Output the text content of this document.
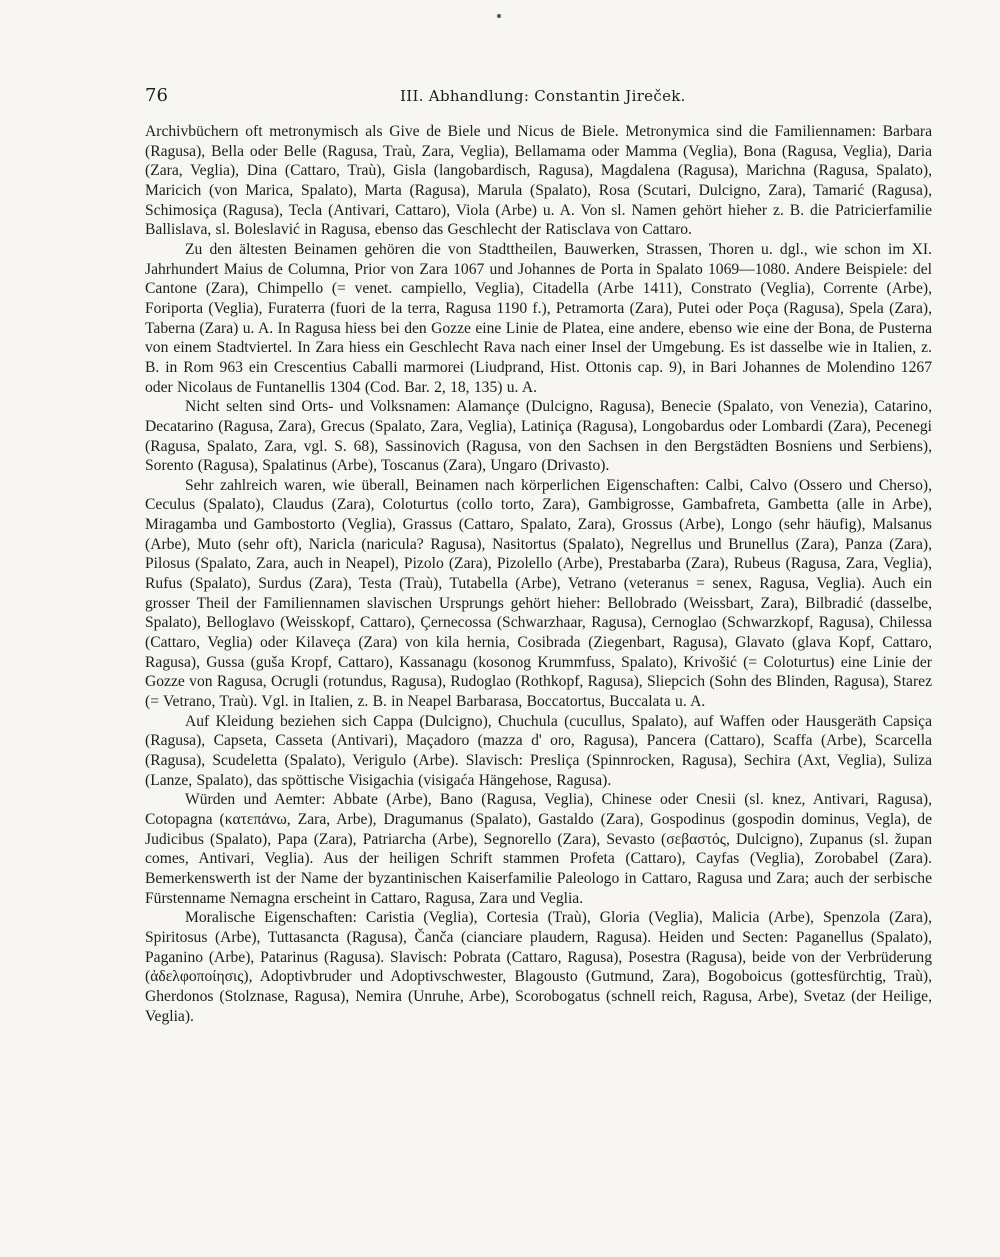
76	III. Abhandlung: Constantin Jireček.

Archivbüchern oft metronymisch als Give de Biele und Nicus de Biele. Metronymica sind die Familiennamen: Barbara (Ragusa), Bella oder Belle (Ragusa, Traù, Zara, Veglia), Bellamama oder Mamma (Veglia), Bona (Ragusa, Veglia), Daria (Zara, Veglia), Dina (Cattaro, Traù), Gisla (langobardisch, Ragusa), Magdalena (Ragusa), Marichna (Ragusa, Spalato), Maricich (von Marica, Spalato), Marta (Ragusa), Marula (Spalato), Rosa (Scutari, Dulcigno, Zara), Tamarić (Ragusa), Schimosiça (Ragusa), Tecla (Antivari, Cattaro), Viola (Arbe) u. A. Von sl. Namen gehört hieher z. B. die Patricierfamilie Ballislava, sl. Boleslavić in Ragusa, ebenso das Geschlecht der Ratisclava von Cattaro.

Zu den ältesten Beinamen gehören die von Stadttheilen, Bauwerken, Strassen, Thoren u. dgl., wie schon im XI. Jahrhundert Maius de Columna, Prior von Zara 1067 und Johannes de Porta in Spalato 1069—1080. Andere Beispiele: del Cantone (Zara), Chimpello (= venet. campiello, Veglia), Citadella (Arbe 1411), Constrato (Veglia), Corrente (Arbe), Foriporta (Veglia), Furaterra (fuori de la terra, Ragusa 1190 f.), Petramorta (Zara), Putei oder Poça (Ragusa), Spela (Zara), Taberna (Zara) u. A. In Ragusa hiess bei den Gozze eine Linie de Platea, eine andere, ebenso wie eine der Bona, de Pusterna von einem Stadtviertel. In Zara hiess ein Geschlecht Rava nach einer Insel der Umgebung. Es ist dasselbe wie in Italien, z. B. in Rom 963 ein Crescentius Caballi marmorei (Liudprand, Hist. Ottonis cap. 9), in Bari Johannes de Molendino 1267 oder Nicolaus de Funtanellis 1304 (Cod. Bar. 2, 18, 135) u. A.

Nicht selten sind Orts- und Volksnamen: Alamançe (Dulcigno, Ragusa), Benecie (Spalato, von Venezia), Catarino, Decatarino (Ragusa, Zara), Grecus (Spalato, Zara, Veglia), Latiniça (Ragusa), Longobardus oder Lombardi (Zara), Pecenegi (Ragusa, Spalato, Zara, vgl. S. 68), Sassinovich (Ragusa, von den Sachsen in den Bergstädten Bosniens und Serbiens), Sorento (Ragusa), Spalatinus (Arbe), Toscanus (Zara), Ungaro (Drivasto).

Sehr zahlreich waren, wie überall, Beinamen nach körperlichen Eigenschaften: Calbi, Calvo (Ossero und Cherso), Ceculus (Spalato), Claudus (Zara), Coloturtus (collo torto, Zara), Gambigrosse, Gambafreta, Gambetta (alle in Arbe), Miragamba und Gambostorto (Veglia), Grassus (Cattaro, Spalato, Zara), Grossus (Arbe), Longo (sehr häufig), Malsanus (Arbe), Muto (sehr oft), Naricla (naricula? Ragusa), Nasitortus (Spalato), Negrellus und Brunellus (Zara), Panza (Zara), Pilosus (Spalato, Zara, auch in Neapel), Pizolo (Zara), Pizolello (Arbe), Prestabarba (Zara), Rubeus (Ragusa, Zara, Veglia), Rufus (Spalato), Surdus (Zara), Testa (Traù), Tutabella (Arbe), Vetrano (veteranus = senex, Ragusa, Veglia). Auch ein grosser Theil der Familiennamen slavischen Ursprungs gehört hieher: Bellobrado (Weissbart, Zara), Bilbradić (dasselbe, Spalato), Belloglavo (Weisskopf, Cattaro), Çernecossa (Schwarzhaar, Ragusa), Cernoglao (Schwarzkopf, Ragusa), Chilessa (Cattaro, Veglia) oder Kilaveça (Zara) von kila hernia, Cosibrada (Ziegenbart, Ragusa), Glavato (glava Kopf, Cattaro, Ragusa), Gussa (guša Kropf, Cattaro), Kassanagu (kosonog Krummfuss, Spalato), Krivošić (= Coloturtus) eine Linie der Gozze von Ragusa, Ocrugli (rotundus, Ragusa), Rudoglao (Rothkopf, Ragusa), Sliepcich (Sohn des Blinden, Ragusa), Starez (= Vetrano, Traù). Vgl. in Italien, z. B. in Neapel Barbarasa, Boccatortus, Buccalata u. A.

Auf Kleidung beziehen sich Cappa (Dulcigno), Chuchula (cucullus, Spalato), auf Waffen oder Hausgeräth Capsiça (Ragusa), Capseta, Casseta (Antivari), Maçadoro (mazza d' oro, Ragusa), Pancera (Cattaro), Scaffa (Arbe), Scarcella (Ragusa), Scudeletta (Spalato), Verigulo (Arbe). Slavisch: Presliça (Spinnrocken, Ragusa), Sechira (Axt, Veglia), Suliza (Lanze, Spalato), das spöttische Visigachia (visigaća Hängehose, Ragusa).

Würden und Aemter: Abbate (Arbe), Bano (Ragusa, Veglia), Chinese oder Cnesii (sl. knez, Antivari, Ragusa), Cotopagna (κατεπάνω, Zara, Arbe), Dragumanus (Spalato), Gastaldo (Zara), Gospodinus (gospodin dominus, Vegla), de Judicibus (Spalato), Papa (Zara), Patriarcha (Arbe), Segnorello (Zara), Sevasto (σεβαστός, Dulcigno), Zupanus (sl. župan comes, Antivari, Veglia). Aus der heiligen Schrift stammen Profeta (Cattaro), Cayfas (Veglia), Zorobabel (Zara). Bemerkenswerth ist der Name der byzantinischen Kaiserfamilie Paleologo in Cattaro, Ragusa und Zara; auch der serbische Fürstenname Nemagna erscheint in Cattaro, Ragusa, Zara und Veglia.

Moralische Eigenschaften: Caristia (Veglia), Cortesia (Traù), Gloria (Veglia), Malicia (Arbe), Spenzola (Zara), Spiritosus (Arbe), Tuttasancta (Ragusa), Čanča (cianciare plaudern, Ragusa). Heiden und Secten: Paganellus (Spalato), Paganino (Arbe), Patarinus (Ragusa). Slavisch: Pobrata (Cattaro, Ragusa), Posestra (Ragusa), beide von der Verbrüderung (ἀδελφοποίησις), Adoptivbruder und Adoptivschwester, Blagousto (Gutmund, Zara), Bogoboicus (gottesfürchtig, Traù), Gherdonos (Stolznase, Ragusa), Nemira (Unruhe, Arbe), Scorobogatus (schnell reich, Ragusa, Arbe), Svetaz (der Heilige, Veglia).
